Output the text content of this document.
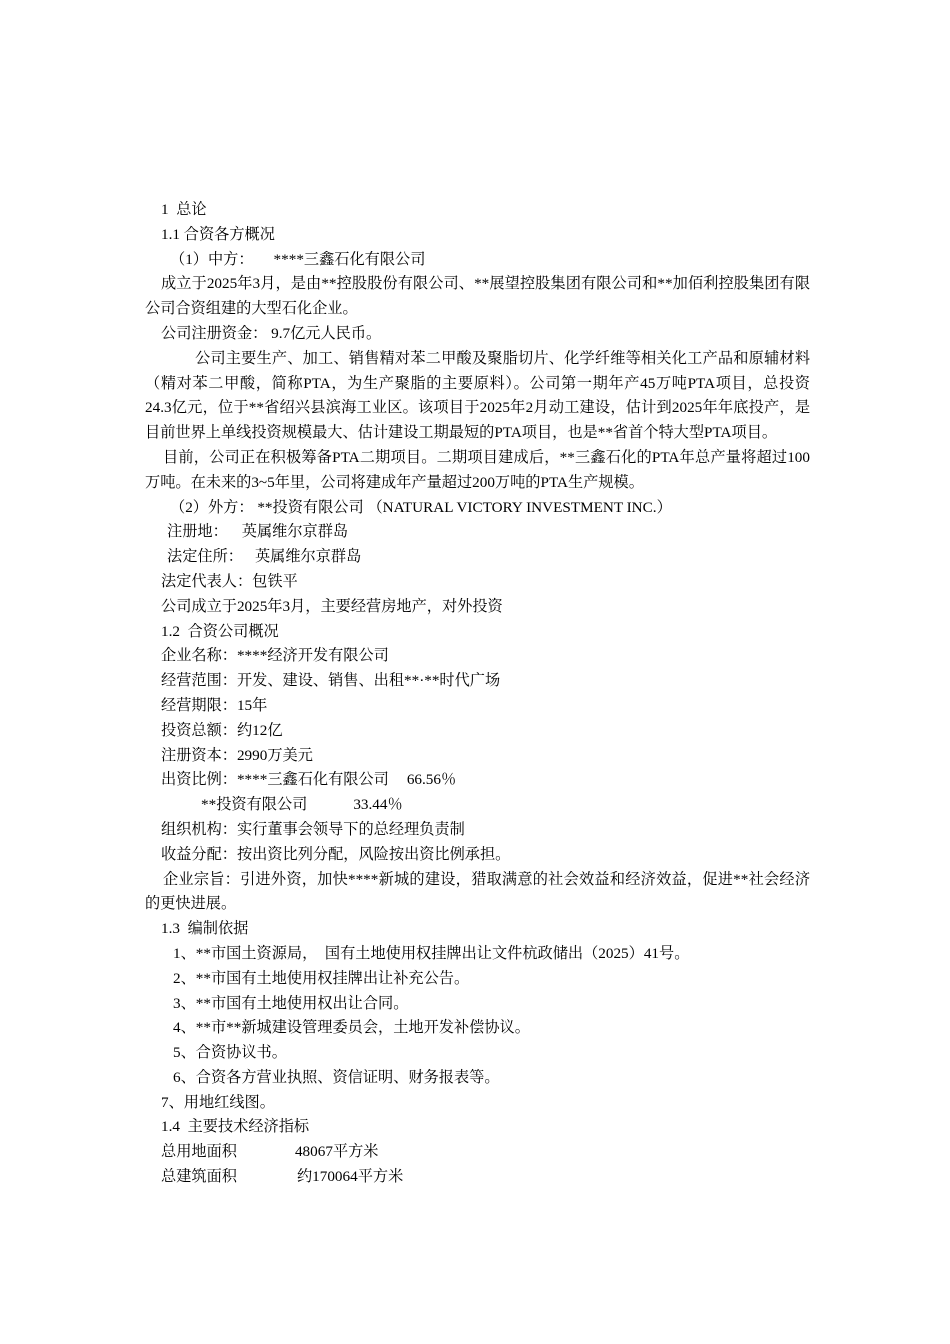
1  总论

1.1 合资各方概况

（1）中方： ****三鑫石化有限公司

成立于2025年3月，是由**控股股份有限公司、**展望控股集团有限公司和**加佰利控股集团有限公司合资组建的大型石化企业。

公司注册资金： 9.7亿元人民币。

公司主要生产、加工、销售精对苯二甲酸及聚脂切片、化学纤维等相关化工产品和原辅材料（精对苯二甲酸，简称PTA，为生产聚脂的主要原料）。公司第一期年产45万吨PTA项目，总投资24.3亿元，位于**省绍兴县滨海工业区。该项目于2025年2月动工建设，估计到2025年年底投产，是目前世界上单线投资规模最大、估计建设工期最短的PTA项目，也是**省首个特大型PTA项目。

目前，公司正在积极筹备PTA二期项目。二期项目建成后，**三鑫石化的PTA年总产量将超过100万吨。在未来的3~5年里，公司将建成年产量超过200万吨的PTA生产规模。

（2）外方： **投资有限公司 （NATURAL VICTORY INVESTMENT INC.）

注册地： 英属维尔京群岛

法定住所： 英属维尔京群岛

法定代表人：包铁平

公司成立于2025年3月，主要经营房地产，对外投资

1.2  合资公司概况

企业名称：****经济开发有限公司

经营范围：开发、建设、销售、出租**·**时代广场

经营期限：15年

投资总额：约12亿

注册资本：2990万美元

出资比例：****三鑫石化有限公司 66.56％

**投资有限公司	33.44％

组织机构：实行董事会领导下的总经理负责制

收益分配：按出资比列分配，风险按出资比例承担。

企业宗旨：引进外资，加快****新城的建设，猎取满意的社会效益和经济效益，促进**社会经济的更快进展。

1.3  编制依据

1、**市国土资源局，  国有土地使用权挂牌出让文件杭政储出（2025）41号。

2、**市国有土地使用权挂牌出让补充公告。

3、**市国有土地使用权出让合同。

4、**市**新城建设管理委员会，土地开发补偿协议。

5、合资协议书。

6、合资各方营业执照、资信证明、财务报表等。

7、用地红线图。

1.4  主要技术经济指标

总用地面积	48067平方米

总建筑面积	约170064平方米
